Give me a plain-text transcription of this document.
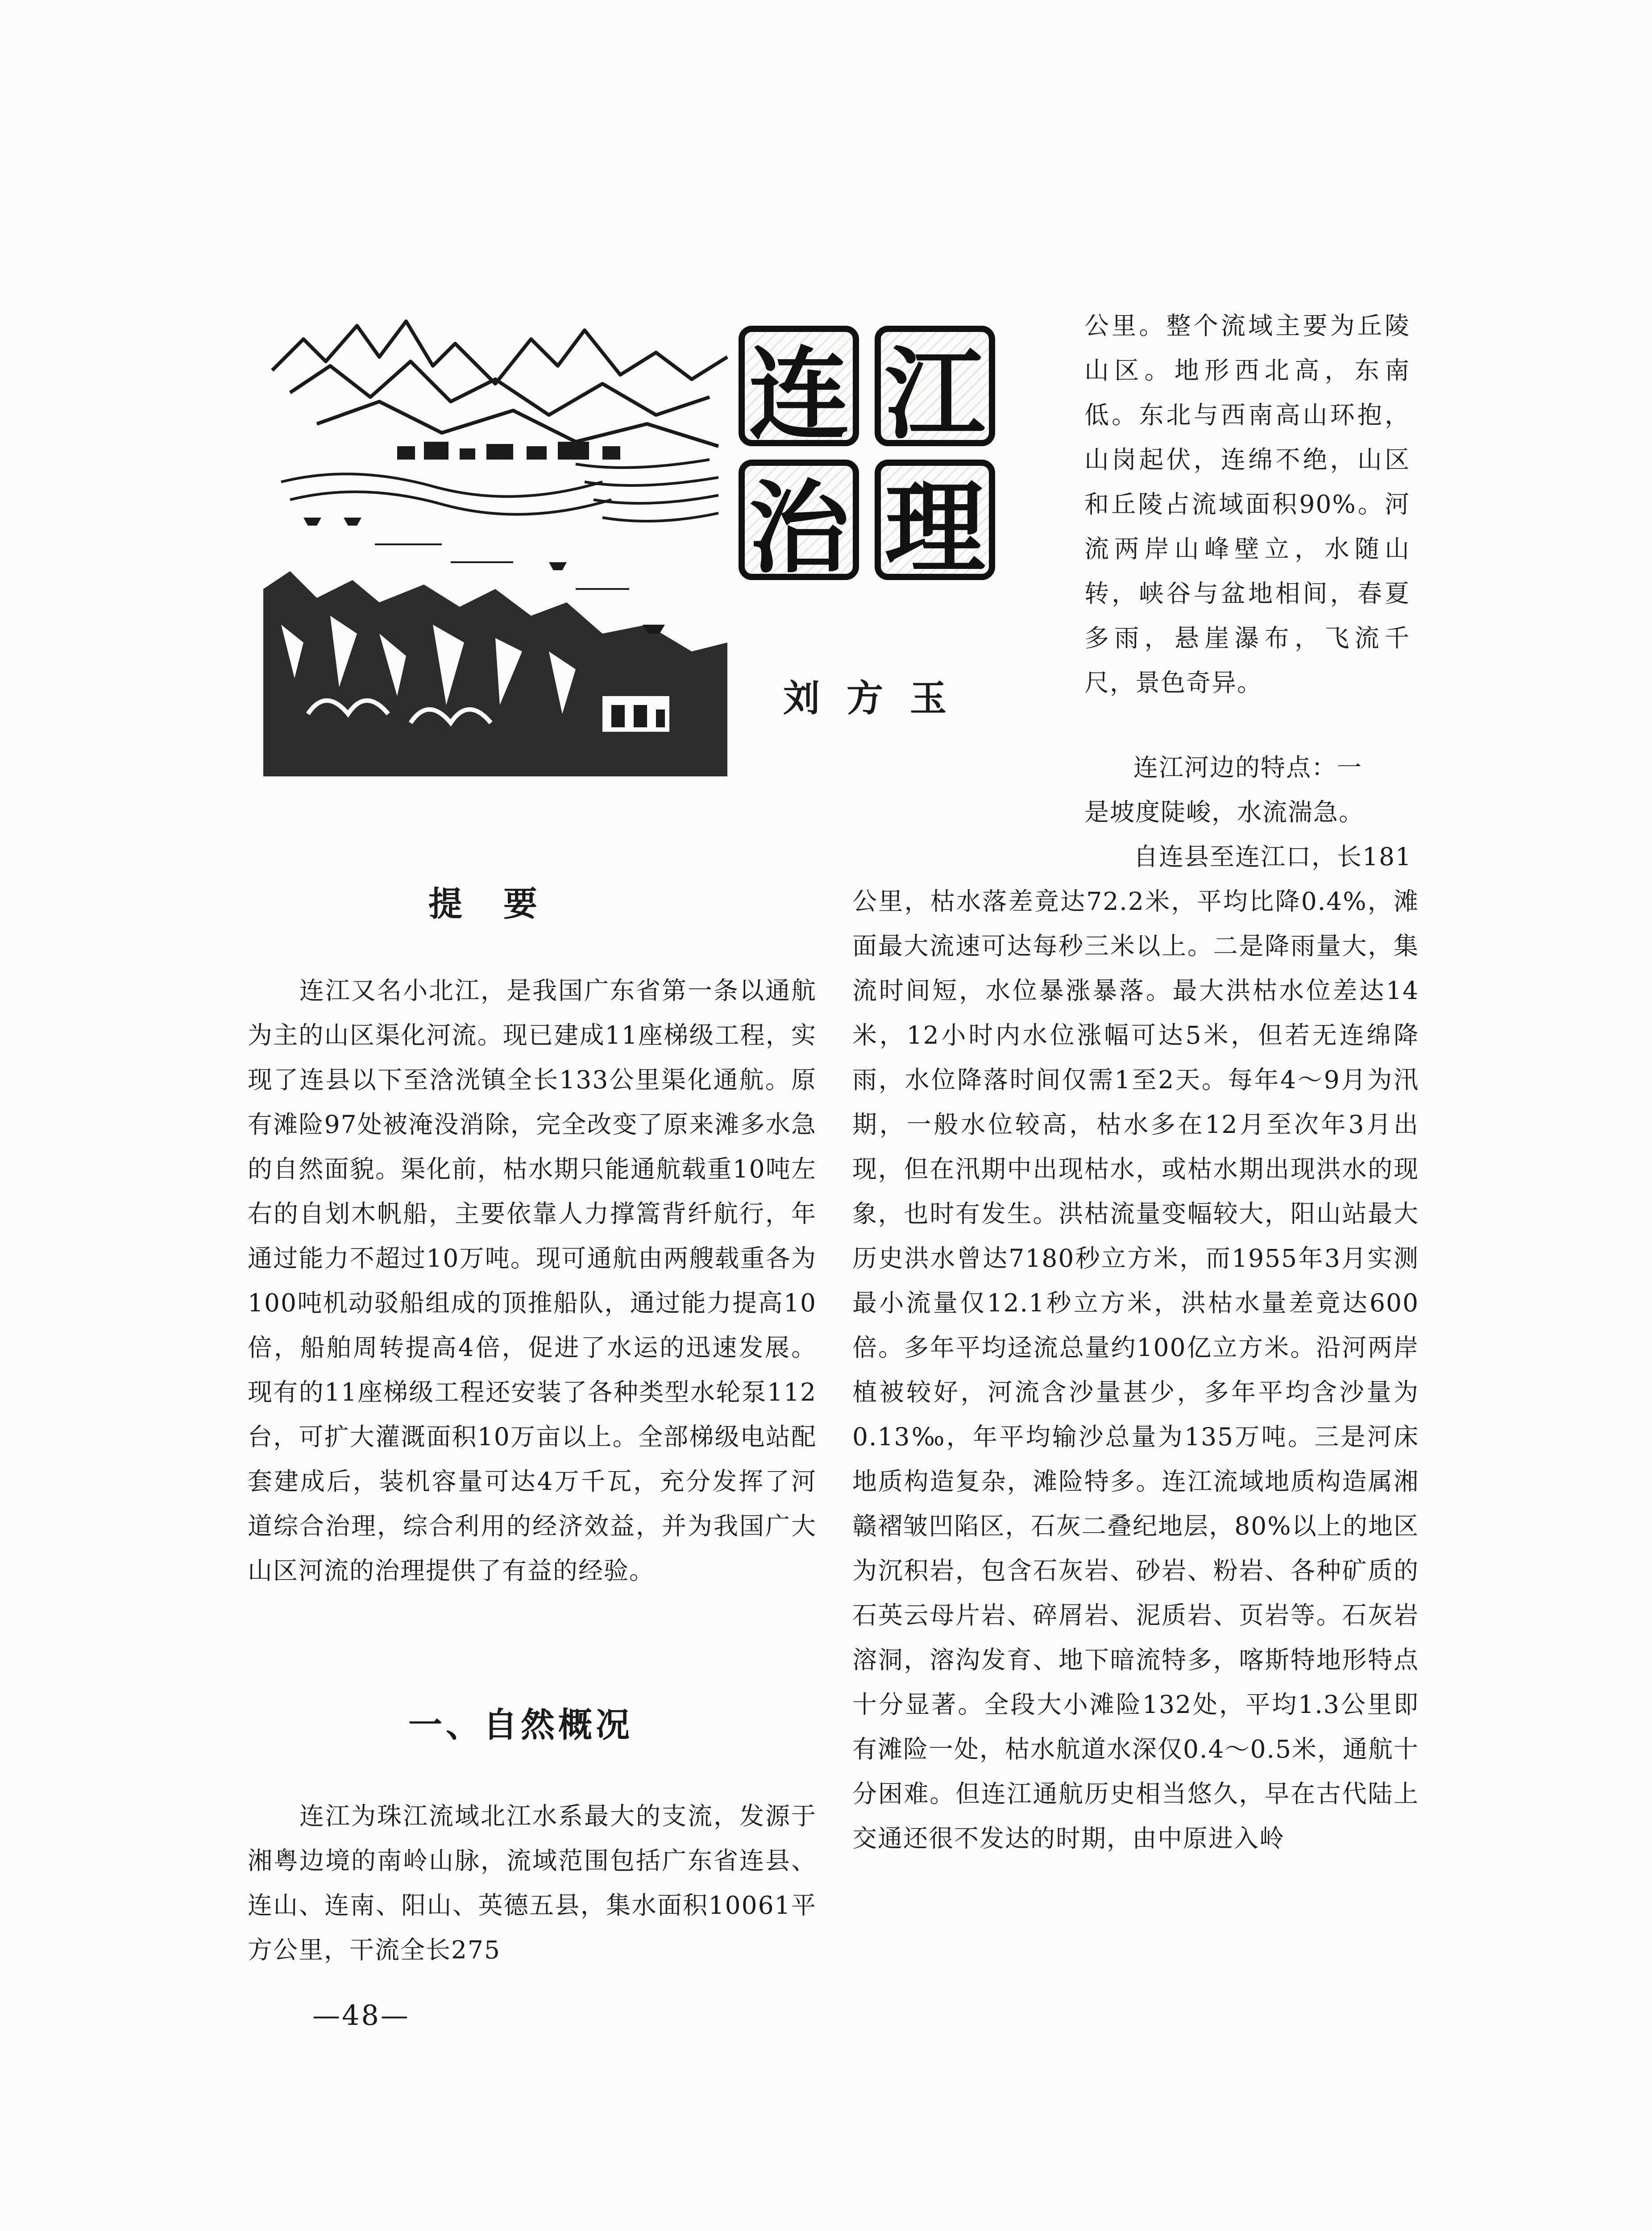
连 江
治 理
刘方玉
公里。整个流域主要为丘陵山区。地形西北高，东南低。东北与西南高山环抱，山岗起伏，连绵不绝，山区和丘陵占流域面积90%。河流两岸山峰壁立，水随山转，峡谷与盆地相间，春夏多雨，悬崖瀑布，飞流千尺，景色奇异。
连江河边的特点：一
是坡度陡峻，水流湍急。
自连县至连江口，长181
公里，枯水落差竟达72.2米，平均比降0.4%，滩面最大流速可达每秒三米以上。二是降雨量大，集流时间短，水位暴涨暴落。最大洪枯水位差达14米，12小时内水位涨幅可达5米，但若无连绵降雨，水位降落时间仅需1至2天。每年4～9月为汛期，一般水位较高，枯水多在12月至次年3月出现，但在汛期中出现枯水，或枯水期出现洪水的现象，也时有发生。洪枯流量变幅较大，阳山站最大历史洪水曾达7180秒立方米，而1955年3月实测最小流量仅12.1秒立方米，洪枯水量差竟达600倍。多年平均迳流总量约100亿立方米。沿河两岸植被较好，河流含沙量甚少，多年平均含沙量为0.13‰，年平均输沙总量为135万吨。三是河床地质构造复杂，滩险特多。连江流域地质构造属湘赣褶皱凹陷区，石灰二叠纪地层，80%以上的地区为沉积岩，包含石灰岩、砂岩、粉岩、各种矿质的石英云母片岩、碎屑岩、泥质岩、页岩等。石灰岩溶洞，溶沟发育、地下暗流特多，喀斯特地形特点十分显著。全段大小滩险132处，平均1.3公里即有滩险一处，枯水航道水深仅0.4～0.5米，通航十分困难。但连江通航历史相当悠久，早在古代陆上交通还很不发达的时期，由中原进入岭
提　要
　　连江又名小北江，是我国广东省第一条以通航为主的山区渠化河流。现已建成11座梯级工程，实现了连县以下至浛洸镇全长133公里渠化通航。原有滩险97处被淹没消除，完全改变了原来滩多水急的自然面貌。渠化前，枯水期只能通航载重10吨左右的自划木帆船，主要依靠人力撑篙背纤航行，年通过能力不超过10万吨。现可通航由两艘载重各为100吨机动驳船组成的顶推船队，通过能力提高10倍，船舶周转提高4倍，促进了水运的迅速发展。现有的11座梯级工程还安装了各种类型水轮泵112台，可扩大灌溉面积10万亩以上。全部梯级电站配套建成后，装机容量可达4万千瓦，充分发挥了河道综合治理，综合利用的经济效益，并为我国广大山区河流的治理提供了有益的经验。
一、自然概况
　　连江为珠江流域北江水系最大的支流，发源于湘粤边境的南岭山脉，流域范围包括广东省连县、连山、连南、阳山、英德五县，集水面积10061平方公里，干流全长275
—48—
